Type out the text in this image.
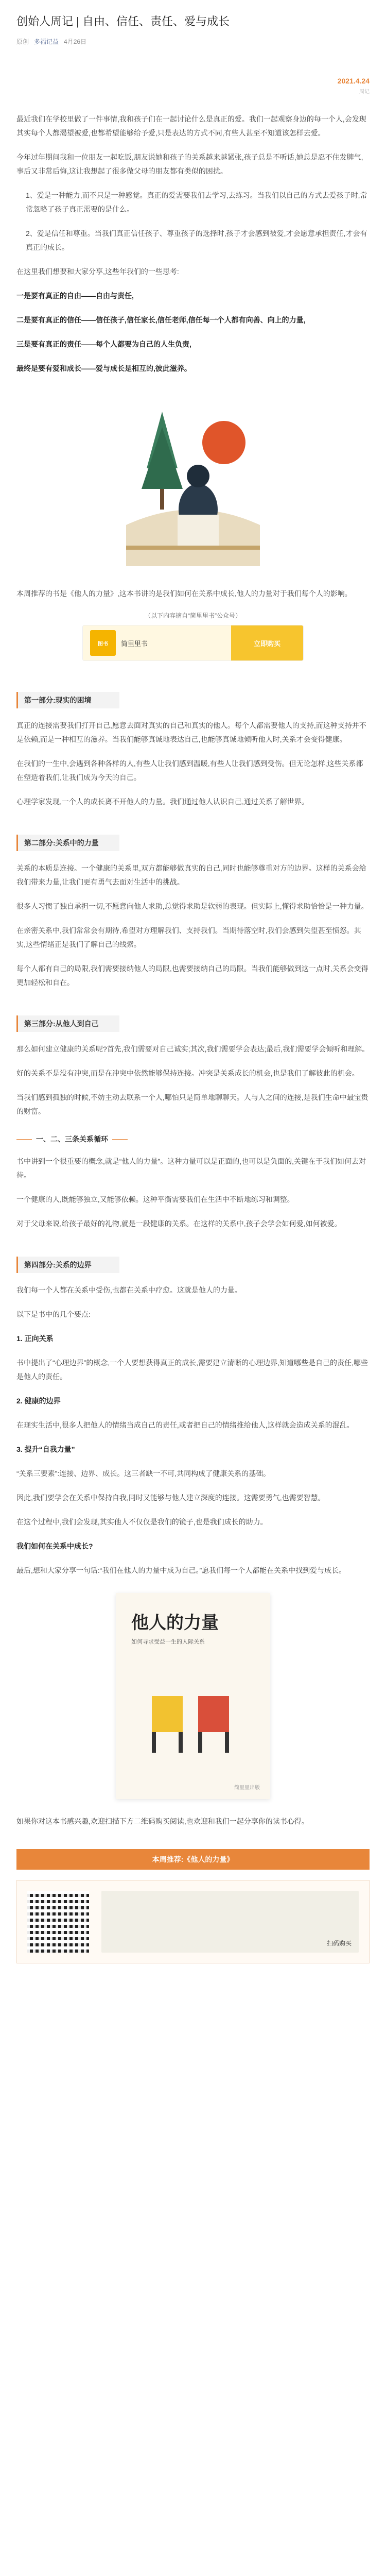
创始人周记 | 自由、信任、责任、爱与成长
原创 多福记益 4月26日
2021.4.24
周记

最近我们在学校里做了一件事情,我和孩子们在一起讨论什么是真正的爱。我们一起观察身边的每一个人,会发现其实每个人都渴望被爱,也都希望能够给予爱,只是表达的方式不同,有些人甚至不知道该怎样去爱。

今年过年期间我和一位朋友一起吃饭,朋友说她和孩子的关系越来越紧张,孩子总是不听话,她总是忍不住发脾气,事后又非常后悔,这让我想起了很多做父母的朋友都有类似的困扰。

1、爱是一种能力,而不只是一种感觉。真正的爱需要我们去学习,去练习。当我们以自己的方式去爱孩子时,常常忽略了孩子真正需要的是什么。

2、爱是信任和尊重。当我们真正信任孩子、尊重孩子的选择时,孩子才会感到被爱,才会愿意承担责任,才会有真正的成长。

在这里我们想要和大家分享,这些年我们的一些思考:

一是要有真正的自由——自由与责任,

二是要有真正的信任——信任孩子,信任家长,信任老师,信任每一个人都有向善、向上的力量,

三是要有真正的责任——每个人都要为自己的人生负责,

最终是要有爱和成长——爱与成长是相互的,彼此滋养。

本周推荐的书是《他人的力量》,这本书讲的是我们如何在关系中成长,他人的力量对于我们每个人的影响。

（以下内容摘自“简里里书”公众号）
图书	简里里书	立即购买
第一部分:现实的困境

真正的连接需要我们打开自己,愿意去面对真实的自己和真实的他人。每个人都需要他人的支持,而这种支持并不是依赖,而是一种相互的滋养。当我们能够真诚地表达自己,也能够真诚地倾听他人时,关系才会变得健康。

在我们的一生中,会遇到各种各样的人,有些人让我们感到温暖,有些人让我们感到受伤。但无论怎样,这些关系都在塑造着我们,让我们成为今天的自己。

心理学家发现,一个人的成长离不开他人的力量。我们通过他人认识自己,通过关系了解世界。

第二部分:关系中的力量

关系的本质是连接。一个健康的关系里,双方都能够做真实的自己,同时也能够尊重对方的边界。这样的关系会给我们带来力量,让我们更有勇气去面对生活中的挑战。

很多人习惯了独自承担一切,不愿意向他人求助,总觉得求助是软弱的表现。但实际上,懂得求助恰恰是一种力量。

在亲密关系中,我们常常会有期待,希望对方理解我们、支持我们。当期待落空时,我们会感到失望甚至愤怒。其实,这些情绪正是我们了解自己的线索。

每个人都有自己的局限,我们需要接纳他人的局限,也需要接纳自己的局限。当我们能够做到这一点时,关系会变得更加轻松和自在。

第三部分:从他人到自己

那么如何建立健康的关系呢?首先,我们需要对自己诚实;其次,我们需要学会表达;最后,我们需要学会倾听和理解。

好的关系不是没有冲突,而是在冲突中依然能够保持连接。冲突是关系成长的机会,也是我们了解彼此的机会。

当我们感到孤独的时候,不妨主动去联系一个人,哪怕只是简单地聊聊天。人与人之间的连接,是我们生命中最宝贵的财富。

一、二、三条关系循环

书中讲到一个很重要的概念,就是“他人的力量”。这种力量可以是正面的,也可以是负面的,关键在于我们如何去对待。

一个健康的人,既能够独立,又能够依赖。这种平衡需要我们在生活中不断地练习和调整。

对于父母来说,给孩子最好的礼物,就是一段健康的关系。在这样的关系中,孩子会学会如何爱,如何被爱。

第四部分:关系的边界

我们每一个人都在关系中受伤,也都在关系中疗愈。这就是他人的力量。

以下是书中的几个要点:

1. 正向关系

书中提出了“心理边界”的概念,一个人要想获得真正的成长,需要建立清晰的心理边界,知道哪些是自己的责任,哪些是他人的责任。

2. 健康的边界

在现实生活中,很多人把他人的情绪当成自己的责任,或者把自己的情绪推给他人,这样就会造成关系的混乱。

3. 提升“自我力量”

“关系三要素”:连接、边界、成长。这三者缺一不可,共同构成了健康关系的基础。

因此,我们要学会在关系中保持自我,同时又能够与他人建立深度的连接。这需要勇气,也需要智慧。

在这个过程中,我们会发现,其实他人不仅仅是我们的镜子,也是我们成长的助力。

我们如何在关系中成长?

最后,想和大家分享一句话:“我们在他人的力量中成为自己。”愿我们每一个人都能在关系中找到爱与成长。

他人的力量
如何寻求受益一生的人际关系
简里里出版

如果你对这本书感兴趣,欢迎扫描下方二维码购买阅读,也欢迎和我们一起分享你的读书心得。

本周推荐:《他人的力量》
扫码购买
